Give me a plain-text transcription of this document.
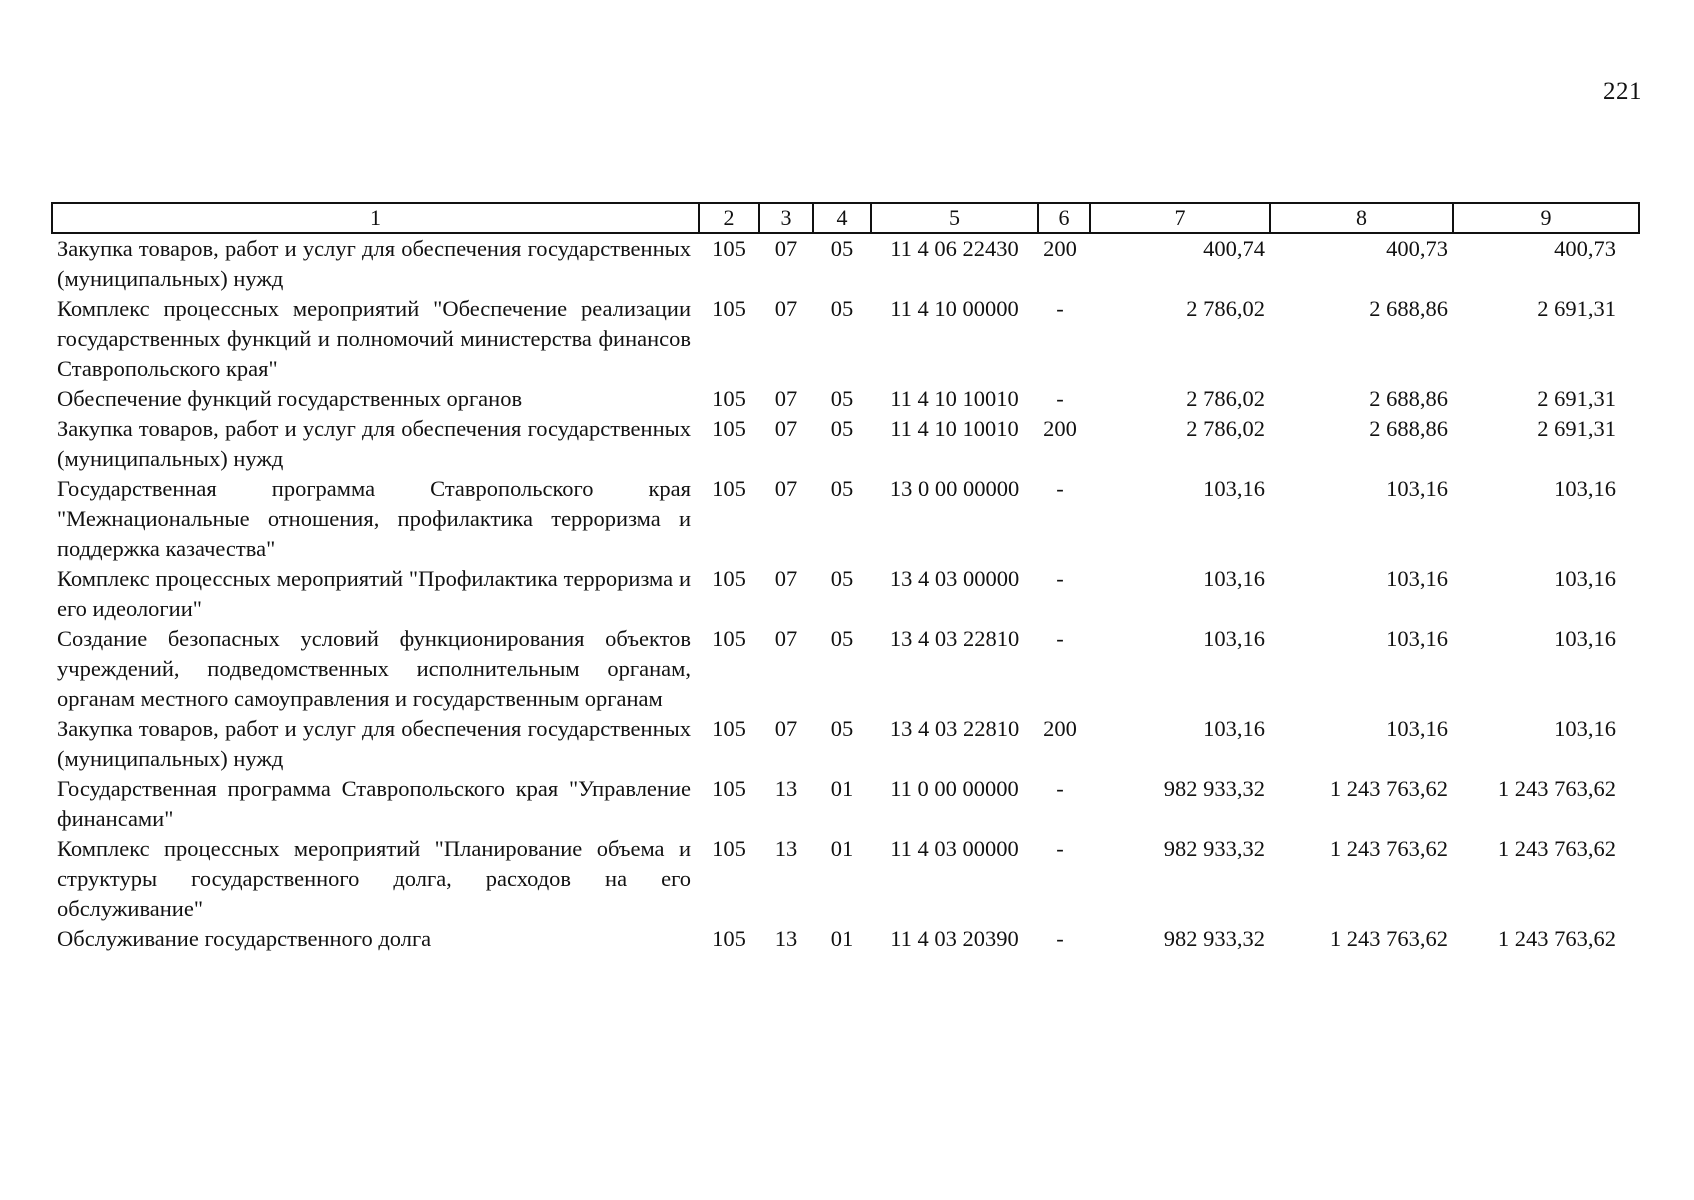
221
1	2	3	4	5	6	7	8	9
Закупка товаров, работ и услуг для обеспечения государственных (муниципальных) нужд	105	07	05	11 4 06 22430	200	400,74	400,73	400,73
Комплекс процессных мероприятий "Обеспечение реализации государственных функций и полномочий министерства финансов Ставропольского края"	105	07	05	11 4 10 00000	-	2 786,02	2 688,86	2 691,31
Обеспечение функций государственных органов	105	07	05	11 4 10 10010	-	2 786,02	2 688,86	2 691,31
Закупка товаров, работ и услуг для обеспечения государственных (муниципальных) нужд	105	07	05	11 4 10 10010	200	2 786,02	2 688,86	2 691,31
Государственная программа Ставропольского края "Межнациональные отношения, профилактика терроризма и поддержка казачества"	105	07	05	13 0 00 00000	-	103,16	103,16	103,16
Комплекс процессных мероприятий "Профилактика терроризма и его идеологии"	105	07	05	13 4 03 00000	-	103,16	103,16	103,16
Создание безопасных условий функционирования объектов учреждений, подведомственных исполнительным органам, органам местного самоуправления и государственным органам	105	07	05	13 4 03 22810	-	103,16	103,16	103,16
Закупка товаров, работ и услуг для обеспечения государственных (муниципальных) нужд	105	07	05	13 4 03 22810	200	103,16	103,16	103,16
Государственная программа Ставропольского края "Управление финансами"	105	13	01	11 0 00 00000	-	982 933,32	1 243 763,62	1 243 763,62
Комплекс процессных мероприятий "Планирование объема и структуры государственного долга, расходов на его обслуживание"	105	13	01	11 4 03 00000	-	982 933,32	1 243 763,62	1 243 763,62
Обслуживание государственного долга	105	13	01	11 4 03 20390	-	982 933,32	1 243 763,62	1 243 763,62
